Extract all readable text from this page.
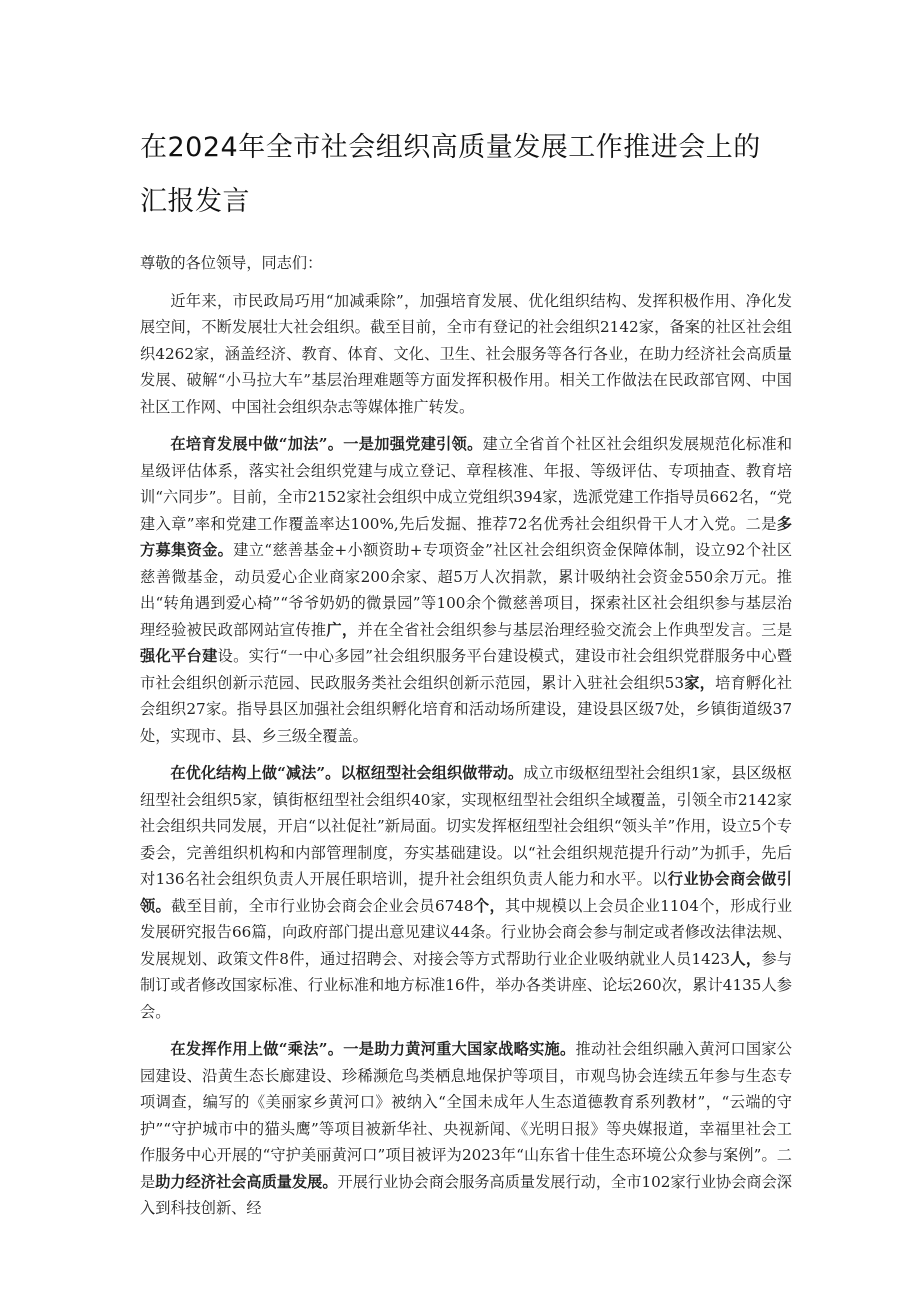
在2024年全市社会组织高质量发展工作推进会上的
汇报发言

尊敬的各位领导，同志们：

近年来，市民政局巧用“加减乘除”，加强培育发展、优化组织结构、发挥积极作用、净化发展空间，不断发展壮大社会组织。截至目前，全市有登记的社会组织2142家，备案的社区社会组织4262家，涵盖经济、教育、体育、文化、卫生、社会服务等各行各业，在助力经济社会高质量发展、破解“小马拉大车”基层治理难题等方面发挥积极作用。相关工作做法在民政部官网、中国社区工作网、中国社会组织杂志等媒体推广转发。

在培育发展中做“加法”。一是加强党建引领。建立全省首个社区社会组织发展规范化标准和星级评估体系，落实社会组织党建与成立登记、章程核准、年报、等级评估、专项抽查、教育培训“六同步”。目前，全市2152家社会组织中成立党组织394家，选派党建工作指导员662名，“党建入章”率和党建工作覆盖率达100%,先后发掘、推荐72名优秀社会组织骨干人才入党。二是多方募集资金。建立“慈善基金+小额资助+专项资金”社区社会组织资金保障体制，设立92个社区慈善微基金，动员爱心企业商家200余家、超5万人次捐款，累计吸纳社会资金550余万元。推出“转角遇到爱心椅”“爷爷奶奶的微景园”等100余个微慈善项目，探索社区社会组织参与基层治理经验被民政部网站宣传推广，并在全省社会组织参与基层治理经验交流会上作典型发言。三是强化平台建设。实行“一中心多园”社会组织服务平台建设模式，建设市社会组织党群服务中心暨市社会组织创新示范园、民政服务类社会组织创新示范园，累计入驻社会组织53家，培育孵化社会组织27家。指导县区加强社会组织孵化培育和活动场所建设，建设县区级7处，乡镇街道级37处，实现市、县、乡三级全覆盖。

在优化结构上做“减法”。以枢纽型社会组织做带动。成立市级枢纽型社会组织1家，县区级枢纽型社会组织5家，镇街枢纽型社会组织40家，实现枢纽型社会组织全域覆盖，引领全市2142家社会组织共同发展，开启“以社促社”新局面。切实发挥枢纽型社会组织“领头羊”作用，设立5个专委会，完善组织机构和内部管理制度，夯实基础建设。以“社会组织规范提升行动”为抓手，先后对136名社会组织负责人开展任职培训，提升社会组织负责人能力和水平。以行业协会商会做引领。截至目前，全市行业协会商会企业会员6748个，其中规模以上会员企业1104个，形成行业发展研究报告66篇，向政府部门提出意见建议44条。行业协会商会参与制定或者修改法律法规、发展规划、政策文件8件，通过招聘会、对接会等方式帮助行业企业吸纳就业人员1423人，参与制订或者修改国家标准、行业标准和地方标准16件，举办各类讲座、论坛260次，累计4135人参会。

在发挥作用上做“乘法”。一是助力黄河重大国家战略实施。推动社会组织融入黄河口国家公园建设、沿黄生态长廊建设、珍稀濒危鸟类栖息地保护等项目，市观鸟协会连续五年参与生态专项调查，编写的《美丽家乡黄河口》被纳入“全国未成年人生态道德教育系列教材”，“云端的守护”“守护城市中的猫头鹰”等项目被新华社、央视新闻、《光明日报》等央媒报道，幸福里社会工作服务中心开展的“守护美丽黄河口”项目被评为2023年“山东省十佳生态环境公众参与案例”。二是助力经济社会高质量发展。开展行业协会商会服务高质量发展行动，全市102家行业协会商会深入到科技创新、经
